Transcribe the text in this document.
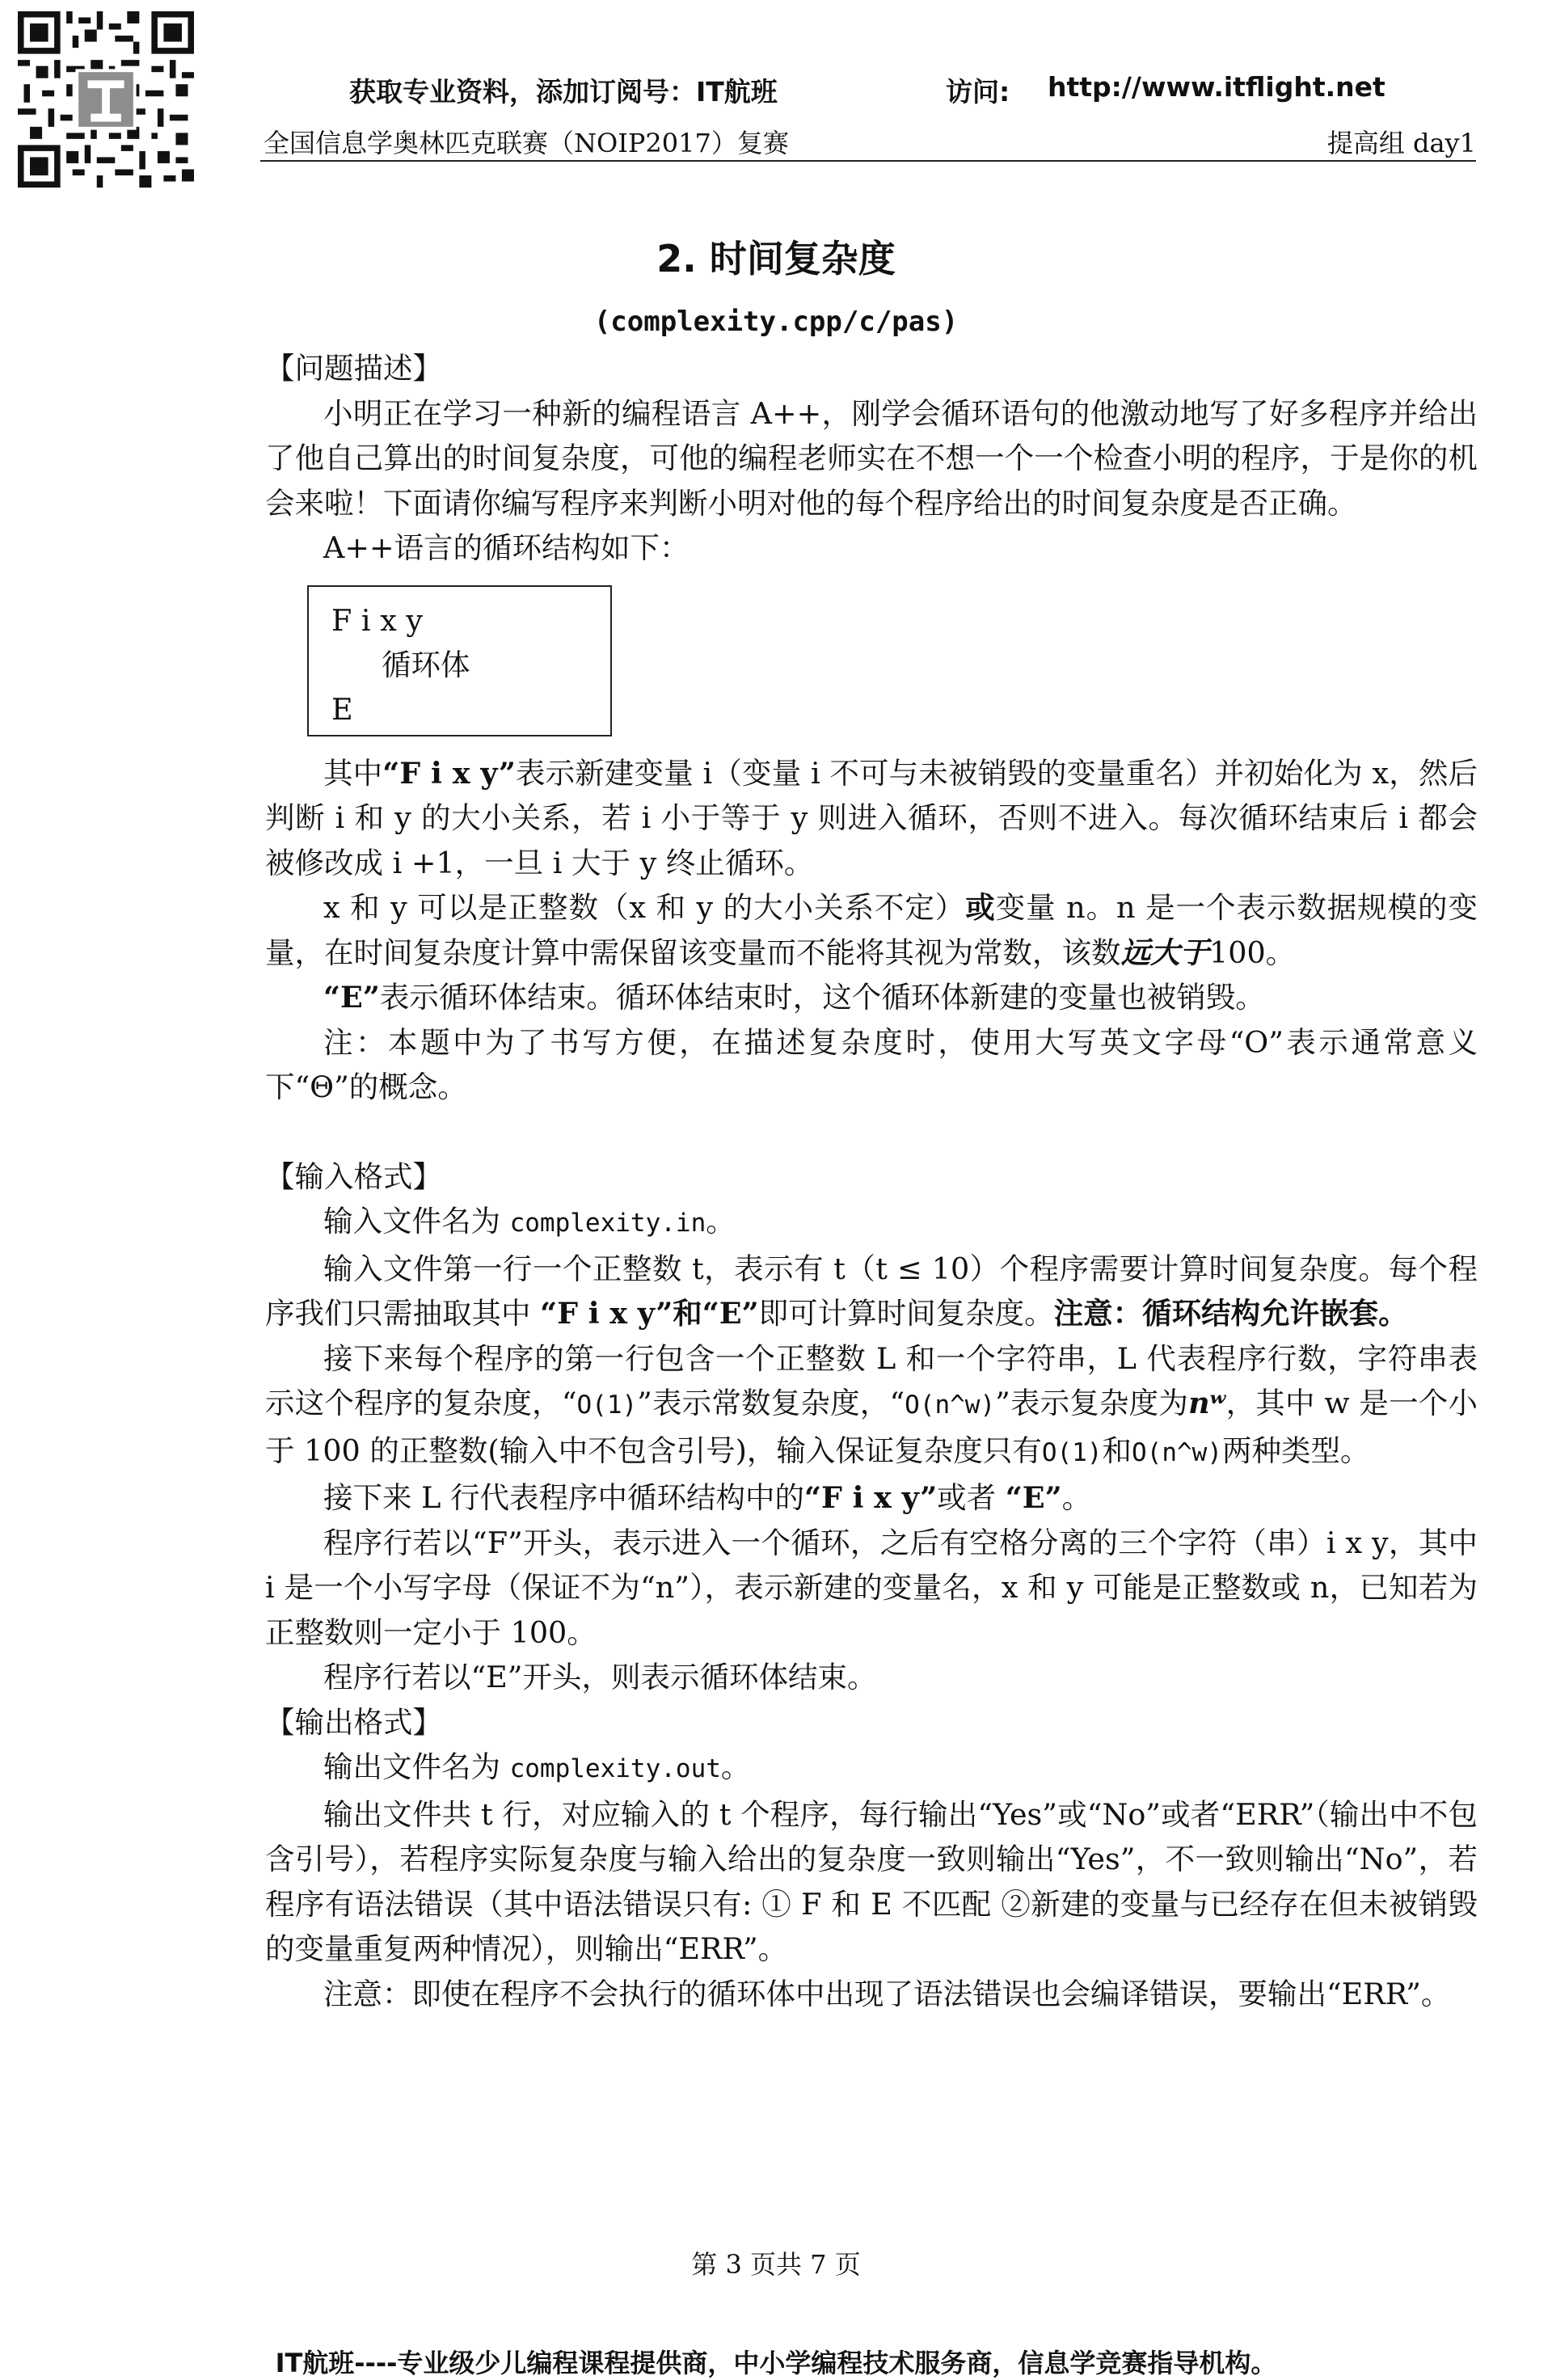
获取专业资料，添加订阅号：IT航班	访问: http://www.itflight.net
全国信息学奥林匹克联赛（NOIP2017）复赛	提高组 day1
2. 时间复杂度
(complexity.cpp/c/pas)

【问题描述】

小明正在学习一种新的编程语言 A++，刚学会循环语句的他激动地写了好多程序并给出了他自己算出的时间复杂度，可他的编程老师实在不想一个一个检查小明的程序，于是你的机会来啦！下面请你编写程序来判断小明对他的每个程序给出的时间复杂度是否正确。

A++语言的循环结构如下：

F i x y
循环体
E

其中“F i x y”表示新建变量 i（变量 i 不可与未被销毁的变量重名）并初始化为 x，然后判断 i 和 y 的大小关系，若 i 小于等于 y 则进入循环，否则不进入。每次循环结束后 i 都会被修改成 i +1，一旦 i 大于 y 终止循环。

x 和 y 可以是正整数（x 和 y 的大小关系不定）或变量 n。n 是一个表示数据规模的变量，在时间复杂度计算中需保留该变量而不能将其视为常数，该数远大于100。

“E”表示循环体结束。循环体结束时，这个循环体新建的变量也被销毁。

注：本题中为了书写方便，在描述复杂度时，使用大写英文字母“O”表示通常意义下“Θ”的概念。

【输入格式】

输入文件名为 complexity.in。

输入文件第一行一个正整数 t，表示有 t（t ≤ 10）个程序需要计算时间复杂度。每个程序我们只需抽取其中 “F i x y”和“E”即可计算时间复杂度。注意：循环结构允许嵌套。

接下来每个程序的第一行包含一个正整数 L 和一个字符串，L 代表程序行数，字符串表示这个程序的复杂度，“O(1)”表示常数复杂度，“O(n^w)”表示复杂度为nʷ，其中 w 是一个小于 100 的正整数(输入中不包含引号)，输入保证复杂度只有O(1)和O(n^w)两种类型。

接下来 L 行代表程序中循环结构中的“F i x y”或者 “E”。

程序行若以“F”开头，表示进入一个循环，之后有空格分离的三个字符（串）i x y，其中 i 是一个小写字母（保证不为“n”），表示新建的变量名，x 和 y 可能是正整数或 n，已知若为正整数则一定小于 100。

程序行若以“E”开头，则表示循环体结束。

【输出格式】

输出文件名为 complexity.out。

输出文件共 t 行，对应输入的 t 个程序，每行输出“Yes”或“No”或者“ERR”（输出中不包含引号），若程序实际复杂度与输入给出的复杂度一致则输出“Yes”，不一致则输出“No”，若程序有语法错误（其中语法错误只有: ① F 和 E 不匹配 ②新建的变量与已经存在但未被销毁的变量重复两种情况），则输出“ERR”。

注意：即使在程序不会执行的循环体中出现了语法错误也会编译错误，要输出“ERR”。

第 3 页共 7 页
IT航班----专业级少儿编程课程提供商，中小学编程技术服务商，信息学竞赛指导机构。
